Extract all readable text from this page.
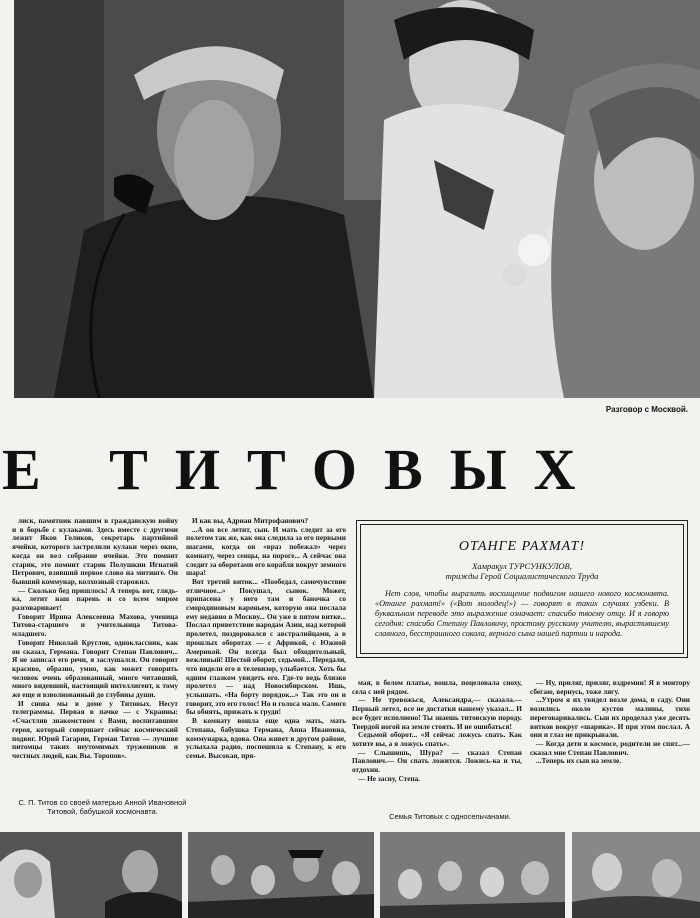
Разговор с Москвой.
Е ТИТОВЫХ

лиск, памятник павшим в гражданскую войну и в борьбе с кулаками. Здесь вместе с другими лежит Яков Голиков, секретарь партийной ячейки, которого застрелили кулаки через окно, когда он вел собрание ячейки. Это помнит старик, это помнит старик Полушкин Игнатий Петрович, взявший первое слово на митинге. Он бывший коммунар, колхозный старожил.

— Сколько бед пришлось! А теперь вот, глядь-ка, летит наш парень и со всем миром разговаривает!

Говорит Ирина Алексеевна Махова, ученица Титова-старшего и учительница Титова-младшего.

Говорит Николай Круглов, одноклассник, как он сказал, Германа. Говорит Степан Павлович... Я не записал его речи, я заслушался. Он говорит красиво, образно, умно, как может говорить человек очень образованный, много читавший, много видевший, настоящий интеллигент, к тому же еще и взволнованный до глубины души.

И снова мы в доме у Титовых. Несут телеграммы. Первая в пачке — с Украины: «Счастлив знакомством с Вами, воспитавшим героя, который совершает сейчас космический подвиг. Юрий Гагарин, Герман Титов — лучшие питомцы таких неутомимых тружеников и честных людей, как Вы. Торопов».

И как вы, Адриан Митрофанович?

...А он все летит, сын. И мать следит за его полетом так же, как она следила за его первыми шагами, когда он «враз побежал» через комнату, через сенцы, на пороге... А сейчас она следит за оборотами его корабля вокруг земного шара!

Вот третий виток... «Пообедал, самочувствие отличное...» Покушал, сынок. Может, припасена у него там и баночка со смородиновым вареньем, которую она послала ему недавно в Москву... Он уже в пятом витке... Послал приветствие народам Азии, над которой пролетел, поздоровался с австралийцами, а в прошлых оборотах — с Африкой, с Южной Америкой. Он всегда был обходительный, вежливый! Шестой оборот, седьмой... Передали, что видели его в телевизор, улыбается. Хоть бы одним глазком увидеть его. Где-то ведь близко пролетел — над Новосибирском. Ишь, услышать. «На борту порядок...» Так это он и говорит, это его голос! Но и голоса мало. Самого бы обнять, прижать к груди!

В комнату вошла еще одна мать, мать Степана, бабушка Германа, Анна Ивановна, коммунарка, вдова. Она живет в другом районе, услыхала радио, поспешила к Степану, к его семье. Высокая, пря-

ОТАНГЕ РАХМАТ!
Хамрақул ТУРСУНКУЛОВ,
трижды Герой Социалистического Труда
Нет слов, чтобы выразить восхищение подвигом нашего нового космонавта. «Отанге рахмат!» («Вот молодец!») — говорят в таких случаях узбеки. В буквальном переводе это выражение означает: спасибо твоему отцу. И я говорю сегодня: спасибо Степану Павловичу, простому русскому учителю, вырастившему славного, бесстрашного сокола, верного сына нашей партии и народа.

мая, в белом платье, вошла, поцеловала сноху, села с ней рядом.

— Не тревожься, Александра,— сказала.— Первый летел, все не достатки нашему указал... И все будет исполнено! Ты знаешь титовскую породу. Твердой ногой на земле стоять. И не ошибаться!

Седьмой оборот... «Я сейчас ложусь спать. Как хотите вы, а я ложусь спать».

— Слышишь, Шура? — сказал Степан Павлович.— Он спать ложится. Ложись-ка и ты, отдохни.

— Не засну, Степа.

— Ну, приляг, приляг, вздремни! Я в монтору сбегаю, вернусь, тоже лягу.

...Утром я их увидел возле дома, в саду. Они возились около кустов малины, тихо переговаривались. Сын их проделал уже десять витков вокруг «шарика». И при этом послал. А они и глаз не прикрывали.

— Когда дети в космосе, родители не спят...— сказал мне Степан Павлович.

...Теперь их сын на земле.

С. П. Титов со своей матерью Анной Ивановной Титовой, бабушкой космонавта.
Семья Титовых с односельчанами.
